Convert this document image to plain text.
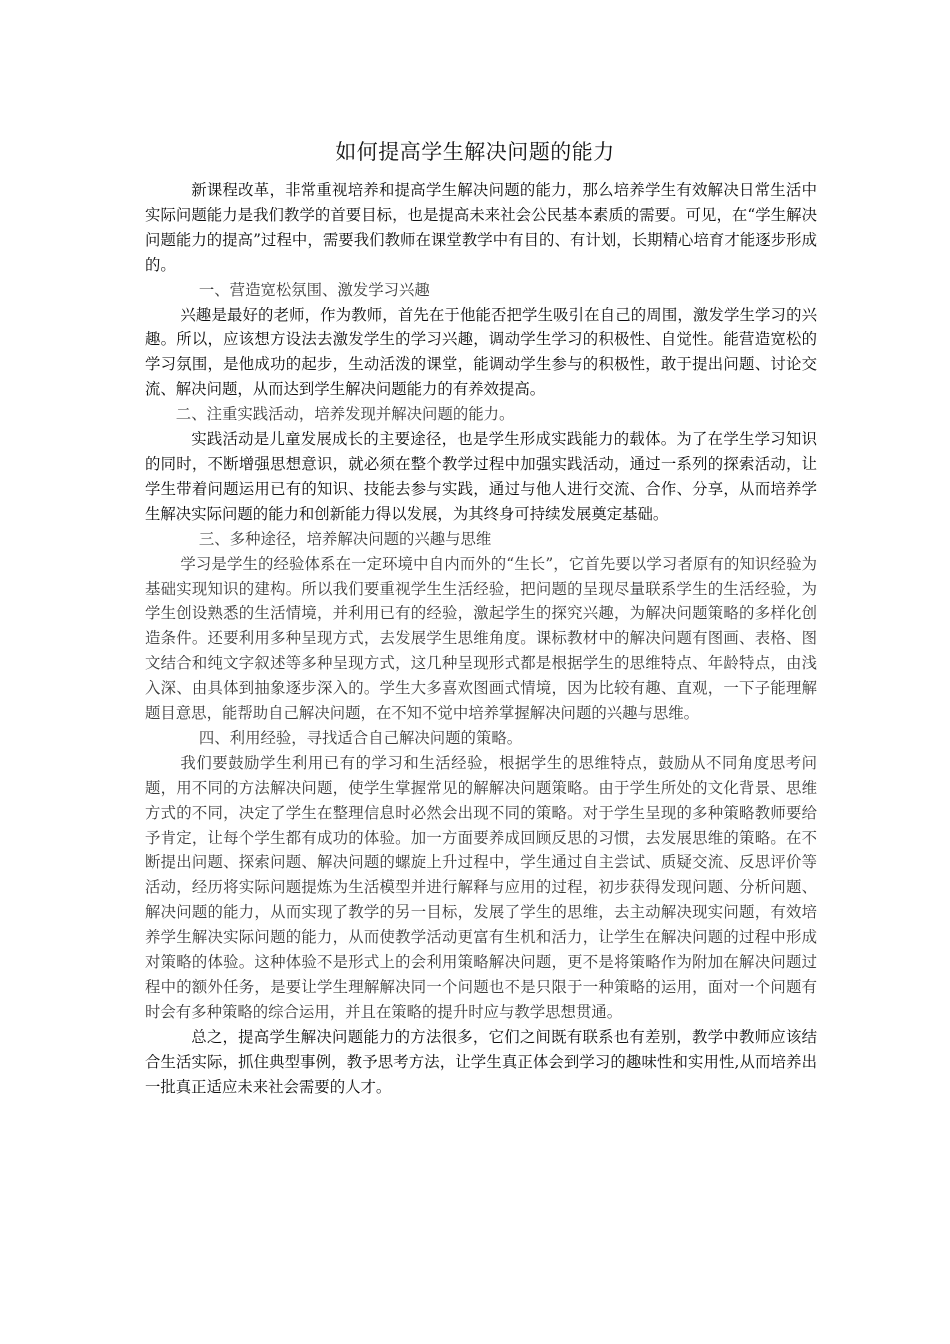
如何提高学生解决问题的能力

新课程改革，非常重视培养和提高学生解决问题的能力，那么培养学生有效解决日常生活中实际问题能力是我们教学的首要目标，也是提高未来社会公民基本素质的需要。可见，在“学生解决问题能力的提高”过程中，需要我们教师在课堂教学中有目的、有计划，长期精心培育才能逐步形成的。

一、营造宽松氛围、激发学习兴趣

兴趣是最好的老师，作为教师，首先在于他能否把学生吸引在自己的周围，激发学生学习的兴趣。所以，应该想方设法去激发学生的学习兴趣，调动学生学习的积极性、自觉性。能营造宽松的学习氛围，是他成功的起步，生动活泼的课堂，能调动学生参与的积极性，敢于提出问题、讨论交流、解决问题，从而达到学生解决问题能力的有养效提高。

二、注重实践活动，培养发现并解决问题的能力。

实践活动是儿童发展成长的主要途径，也是学生形成实践能力的载体。为了在学生学习知识的同时，不断增强思想意识，就必须在整个教学过程中加强实践活动，通过一系列的探索活动，让学生带着问题运用已有的知识、技能去参与实践，通过与他人进行交流、合作、分享，从而培养学生解决实际问题的能力和创新能力得以发展，为其终身可持续发展奠定基础。

三、多种途径，培养解决问题的兴趣与思维

学习是学生的经验体系在一定环境中自内而外的“生长”，它首先要以学习者原有的知识经验为基础实现知识的建构。所以我们要重视学生生活经验，把问题的呈现尽量联系学生的生活经验，为学生创设熟悉的生活情境，并利用已有的经验，激起学生的探究兴趣，为解决问题策略的多样化创造条件。还要利用多种呈现方式，去发展学生思维角度。课标教材中的解决问题有图画、表格、图文结合和纯文字叙述等多种呈现方式，这几种呈现形式都是根据学生的思维特点、年龄特点，由浅入深、由具体到抽象逐步深入的。学生大多喜欢图画式情境，因为比较有趣、直观，一下子能理解题目意思，能帮助自己解决问题，在不知不觉中培养掌握解决问题的兴趣与思维。

四、利用经验，寻找适合自己解决问题的策略。

我们要鼓励学生利用已有的学习和生活经验，根据学生的思维特点，鼓励从不同角度思考问题，用不同的方法解决问题，使学生掌握常见的解解决问题策略。由于学生所处的文化背景、思维方式的不同，决定了学生在整理信息时必然会出现不同的策略。对于学生呈现的多种策略教师要给予肯定，让每个学生都有成功的体验。加一方面要养成回顾反思的习惯，去发展思维的策略。在不断提出问题、探索问题、解决问题的螺旋上升过程中，学生通过自主尝试、质疑交流、反思评价等活动，经历将实际问题提炼为生活模型并进行解释与应用的过程，初步获得发现问题、分析问题、解决问题的能力，从而实现了教学的另一目标，发展了学生的思维，去主动解决现实问题，有效培养学生解决实际问题的能力，从而使教学活动更富有生机和活力，让学生在解决问题的过程中形成对策略的体验。这种体验不是形式上的会利用策略解决问题，更不是将策略作为附加在解决问题过程中的额外任务，是要让学生理解解决同一个问题也不是只限于一种策略的运用，面对一个问题有时会有多种策略的综合运用，并且在策略的提升时应与教学思想贯通。

总之，提高学生解决问题能力的方法很多，它们之间既有联系也有差别，教学中教师应该结合生活实际，抓住典型事例，教予思考方法，让学生真正体会到学习的趣味性和实用性,从而培养出一批真正适应未来社会需要的人才。
